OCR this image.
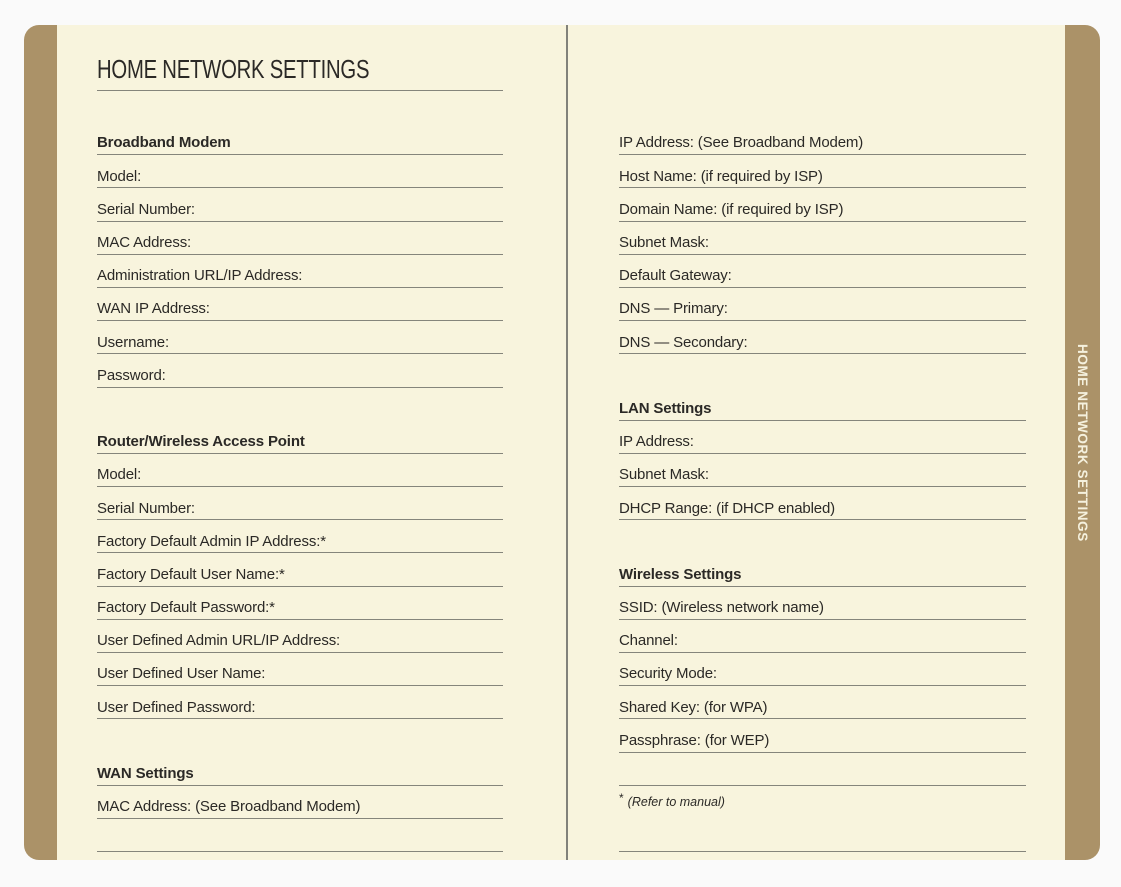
HOME NETWORK SETTINGS
Broadband Modem
Model:
Serial Number:
MAC Address:
Administration URL/IP Address:
WAN IP Address:
Username:
Password:
Router/Wireless Access Point
Model:
Serial Number:
Factory Default Admin IP Address:*
Factory Default User Name:*
Factory Default Password:*
User Defined Admin URL/IP Address:
User Defined User Name:
User Defined Password:
WAN Settings
MAC Address: (See Broadband Modem)
IP Address: (See Broadband Modem)
Host Name: (if required by ISP)
Domain Name: (if required by ISP)
Subnet Mask:
Default Gateway:
DNS — Primary:
DNS — Secondary:
LAN Settings
IP Address:
Subnet Mask:
DHCP Range: (if DHCP enabled)
Wireless Settings
SSID: (Wireless network name)
Channel:
Security Mode:
Shared Key: (for WPA)
Passphrase: (for WEP)
* (Refer to manual)
HOME NETWORK SETTINGS
